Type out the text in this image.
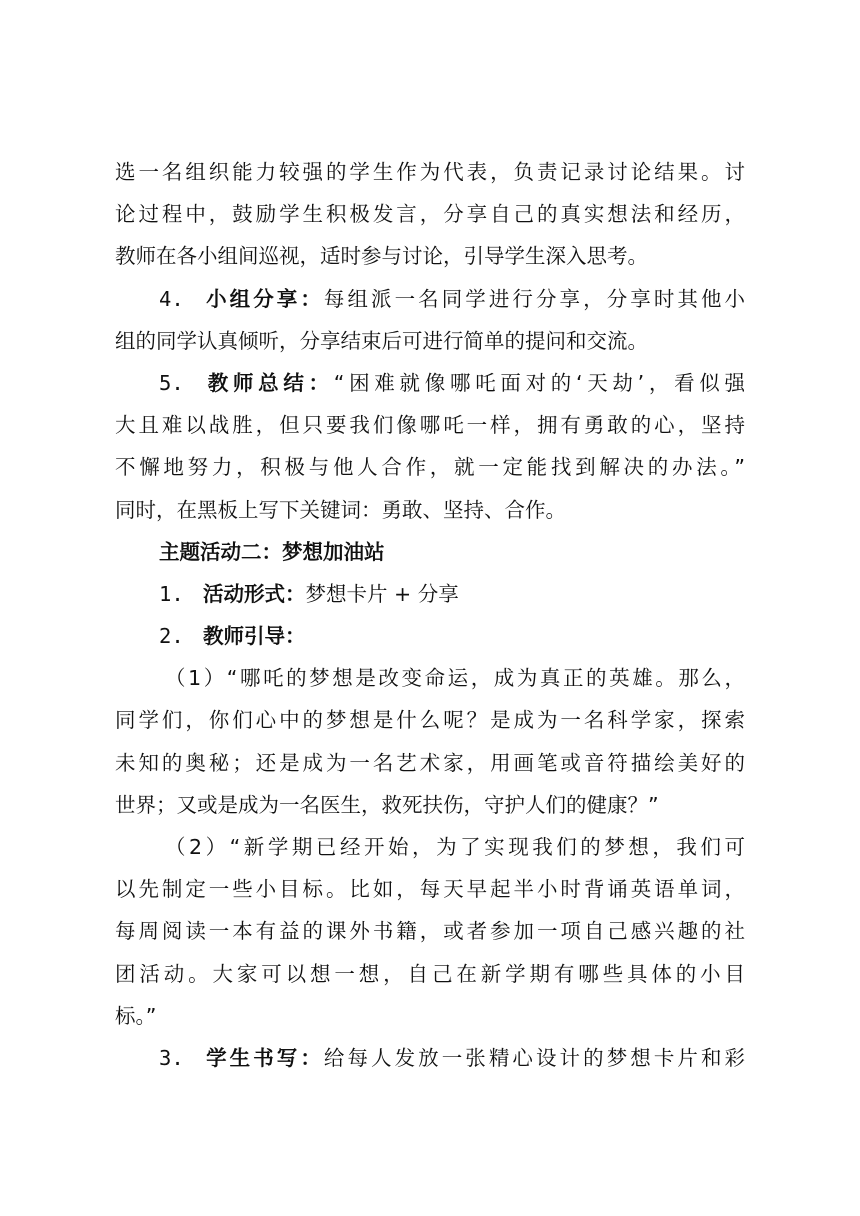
选一名组织能力较强的学生作为代表，负责记录讨论结果。讨
论过程中，鼓励学生积极发言，分享自己的真实想法和经历，
教师在各小组间巡视，适时参与讨论，引导学生深入思考。
4. 小组分享：每组派一名同学进行分享，分享时其他小
组的同学认真倾听，分享结束后可进行简单的提问和交流。
5. 教师总结：“困难就像哪吒面对的‘天劫’，看似强
大且难以战胜，但只要我们像哪吒一样，拥有勇敢的心，坚持
不懈地努力，积极与他人合作，就一定能找到解决的办法。”
同时，在黑板上写下关键词：勇敢、坚持、合作。
主题活动二：梦想加油站
1. 活动形式：梦想卡片 + 分享
2. 教师引导：
（1）“哪吒的梦想是改变命运，成为真正的英雄。那么，
同学们，你们心中的梦想是什么呢？是成为一名科学家，探索
未知的奥秘；还是成为一名艺术家，用画笔或音符描绘美好的
世界；又或是成为一名医生，救死扶伤，守护人们的健康？”
（2）“新学期已经开始，为了实现我们的梦想，我们可
以先制定一些小目标。比如，每天早起半小时背诵英语单词，
每周阅读一本有益的课外书籍，或者参加一项自己感兴趣的社
团活动。大家可以想一想，自己在新学期有哪些具体的小目
标。”
3. 学生书写：给每人发放一张精心设计的梦想卡片和彩
